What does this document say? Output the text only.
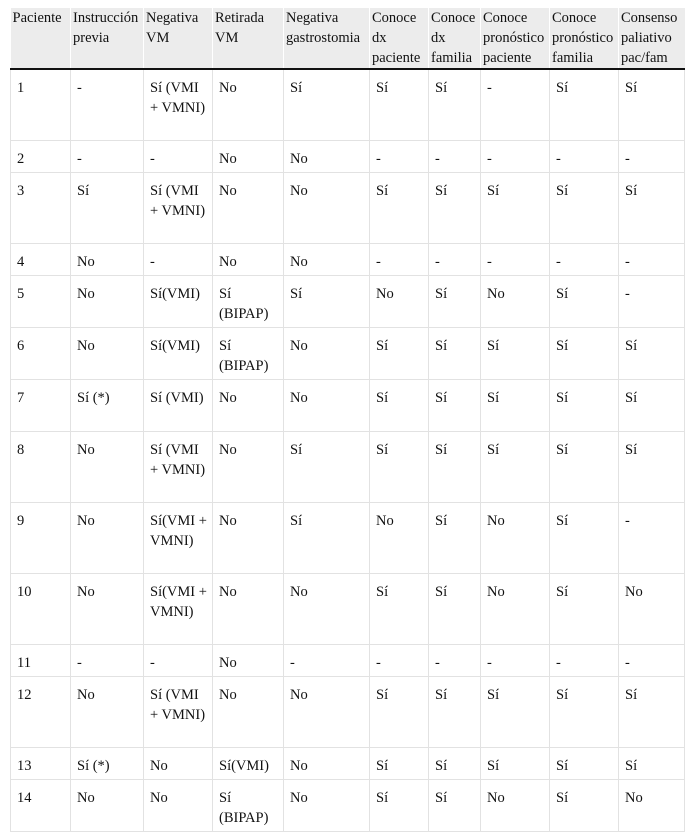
Paciente	Instrucción previa	Negativa VM	Retirada VM	Negativa gastrostomia	Conoce dx paciente	Conoce dx familia	Conoce pronóstico paciente	Conoce pronóstico familia	Consenso paliativo pac/fam
1	-	Sí (VMI + VMNI)	No	Sí	Sí	Sí	-	Sí	Sí
2	-	-	No	No	-	-	-	-	-
3	Sí	Sí (VMI + VMNI)	No	No	Sí	Sí	Sí	Sí	Sí
4	No	-	No	No	-	-	-	-	-
5	No	Sí(VMI)	Sí (BIPAP)	Sí	No	Sí	No	Sí	-
6	No	Sí(VMI)	Sí (BIPAP)	No	Sí	Sí	Sí	Sí	Sí
7	Sí (*)	Sí (VMI)	No	No	Sí	Sí	Sí	Sí	Sí
8	No	Sí (VMI + VMNI)	No	Sí	Sí	Sí	Sí	Sí	Sí
9	No	Sí(VMI + VMNI)	No	Sí	No	Sí	No	Sí	-
10	No	Sí(VMI + VMNI)	No	No	Sí	Sí	No	Sí	No
11	-	-	No	-	-	-	-	-	-
12	No	Sí (VMI + VMNI)	No	No	Sí	Sí	Sí	Sí	Sí
13	Sí (*)	No	Sí(VMI)	No	Sí	Sí	Sí	Sí	Sí
14	No	No	Sí (BIPAP)	No	Sí	Sí	No	Sí	No
